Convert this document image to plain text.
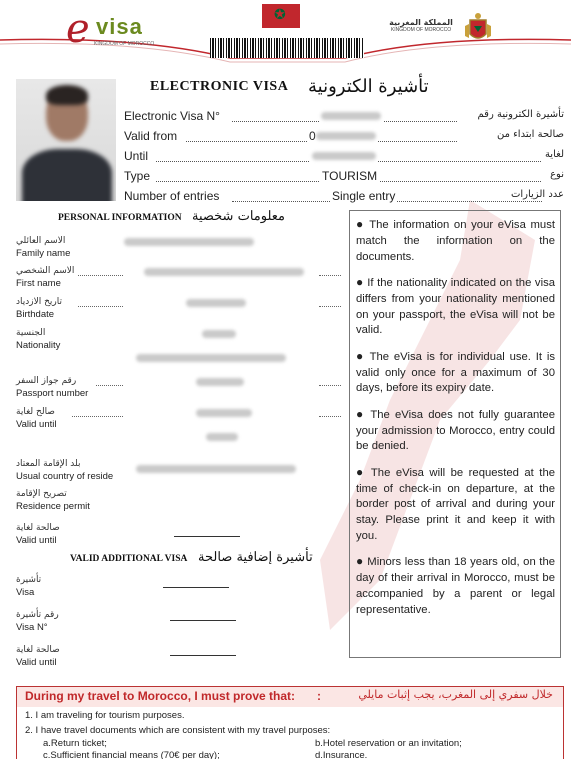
e visa
KINGDOM OF MOROCCO
✪	المملكة المغربية
KINGDOM OF MOROCCO
ELECTRONIC VISA تأشيرة الكترونية
Electronic Visa N°	تأشيرة الكترونية رقم
Valid from	0	صالحة ابتداء من
Until	لغاية
Type	TOURISM	نوع
Number of entries	Single entry	عدد الزيارات
PERSONAL INFORMATION معلومات شخصية
الاسم العائلي
Family name
الاسم الشخصي
First name
تاريخ الازدياد
Birthdate
الجنسية
Nationality
رقم جواز السفر
Passport number
صالح لغاية
Valid until
بلد الإقامة المعتاد
Usual country of reside
تصريح الإقامة
Residence permit
صالحة لغاية
Valid until
VALID ADDITIONAL VISA تأشيرة إضافية صالحة
تأشيرة
Visa
رقم تأشيرة
Visa N°
صالحة لغاية
Valid until

● The information on your eVisa must match the information on the documents.

● If the nationality indicated on the visa differs from your nationality mentioned on your passport, the eVisa will not be valid.

● The eVisa is for individual use. It is valid only once for a maximum of 30 days, before its expiry date.

● The eVisa does not fully guarantee your admission to Morocco, entry could be denied.

● The eVisa will be requested at the time of check-in on departure, at the border post of arrival and during your stay. Please print it and keep it with you.

● Minors less than 18 years old, on the day of their arrival in Morocco, must be accompanied by a parent or legal representative.

During my travel to Morocco, I must prove that: :	خلال سفري إلى المغرب، يجب إثبات مايلي
1. I am traveling for tourism purposes.
2. I have travel documents which are consistent with my travel purposes:
a.Return ticket;	b.Hotel reservation or an invitation;
c.Sufficient financial means (70€ per day);	d.Insurance.
